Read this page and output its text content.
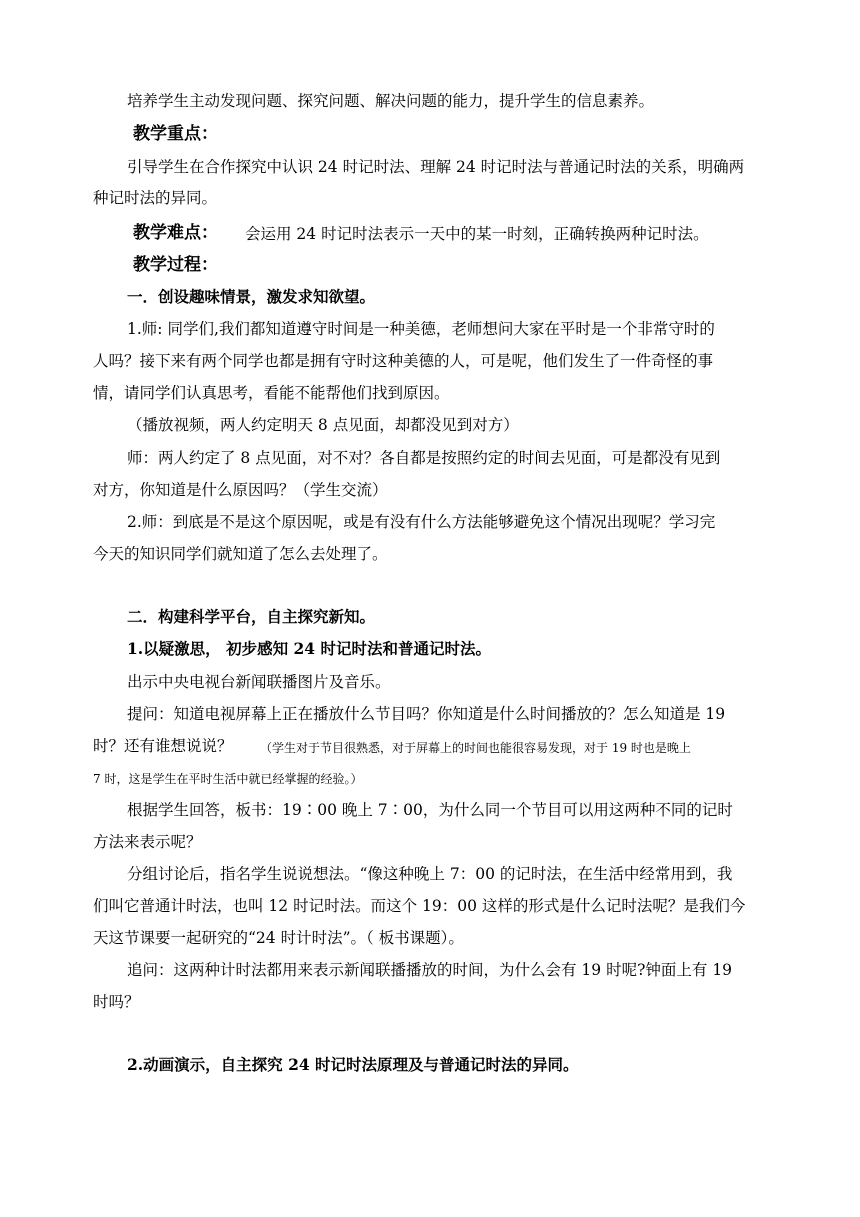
培养学生主动发现问题、探究问题、解决问题的能力，提升学生的信息素养。
教学重点：
引导学生在合作探究中认识 24 时记时法、理解 24 时记时法与普通记时法的关系，明确两
种记时法的异同。
教学难点： 会运用 24 时记时法表示一天中的某一时刻，正确转换两种记时法。
教学过程：
一．创设趣味情景，激发求知欲望。
1.师: 同学们,我们都知道遵守时间是一种美德，老师想问大家在平时是一个非常守时的
人吗？接下来有两个同学也都是拥有守时这种美德的人，可是呢，他们发生了一件奇怪的事
情，请同学们认真思考，看能不能帮他们找到原因。
（播放视频，两人约定明天 8 点见面，却都没见到对方）
师：两人约定了 8 点见面，对不对？各自都是按照约定的时间去见面，可是都没有见到
对方，你知道是什么原因吗？（学生交流）
2.师：到底是不是这个原因呢，或是有没有什么方法能够避免这个情况出现呢？学习完
今天的知识同学们就知道了怎么去处理了。
二．构建科学平台，自主探究新知。
1.以疑激思， 初步感知 24 时记时法和普通记时法。
出示中央电视台新闻联播图片及音乐。
提问：知道电视屏幕上正在播放什么节目吗？你知道是什么时间播放的？怎么知道是 19
时？还有谁想说说？ （学生对于节目很熟悉，对于屏幕上的时间也能很容易发现，对于 19 时也是晚上
7 时，这是学生在平时生活中就已经掌握的经验。）
根据学生回答，板书：19∶00 晚上 7∶00，为什么同一个节目可以用这两种不同的记时
方法来表示呢？
分组讨论后，指名学生说说想法。“像这种晚上 7：00 的记时法，在生活中经常用到，我
们叫它普通计时法，也叫 12 时记时法。而这个 19：00 这样的形式是什么记时法呢？是我们今
天这节课要一起研究的“24 时计时法”。（ 板书课题）。
追问：这两种计时法都用来表示新闻联播播放的时间，为什么会有 19 时呢?钟面上有 19
时吗？
2.动画演示，自主探究 24 时记时法原理及与普通记时法的异同。
